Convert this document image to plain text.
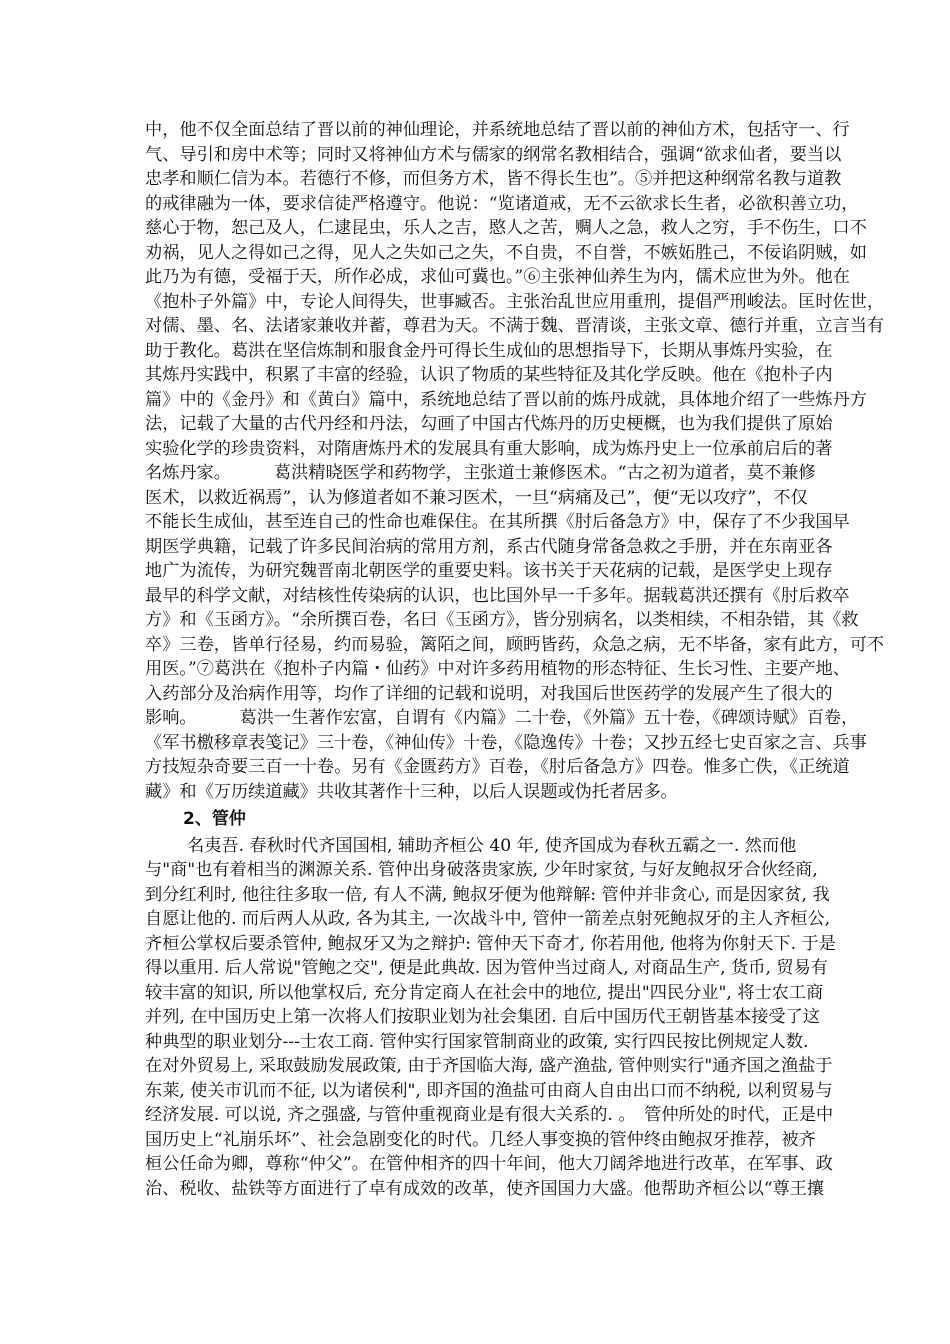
中，他不仅全面总结了晋以前的神仙理论，并系统地总结了晋以前的神仙方术，包括守一、行
气、导引和房中术等；同时又将神仙方术与儒家的纲常名教相结合，强调“欲求仙者，要当以
忠孝和顺仁信为本。若德行不修，而但务方术，皆不得长生也”。⑤并把这种纲常名教与道教
的戒律融为一体，要求信徒严格遵守。他说：“览诸道戒，无不云欲求长生者，必欲积善立功，
慈心于物，恕己及人，仁逮昆虫，乐人之吉，愍人之苦，赒人之急，救人之穷，手不伤生，口不
劝祸，见人之得如己之得，见人之失如己之失，不自贵，不自誉，不嫉妬胜己，不佞谄阴贼，如
此乃为有德，受福于天，所作必成，求仙可冀也。”⑥主张神仙养生为内，儒术应世为外。他在
《抱朴子外篇》中，专论人间得失，世事臧否。主张治乱世应用重刑，提倡严刑峻法。匡时佐世，
对儒、墨、名、法诸家兼收并蓄，尊君为天。不满于魏、晋清谈，主张文章、德行并重，立言当有
助于教化。葛洪在坚信炼制和服食金丹可得长生成仙的思想指导下，长期从事炼丹实验，在
其炼丹实践中，积累了丰富的经验，认识了物质的某些特征及其化学反映。他在《抱朴子内
篇》中的《金丹》和《黄白》篇中，系统地总结了晋以前的炼丹成就，具体地介绍了一些炼丹方
法，记载了大量的古代丹经和丹法，勾画了中国古代炼丹的历史梗概，也为我们提供了原始
实验化学的珍贵资料，对隋唐炼丹术的发展具有重大影响，成为炼丹史上一位承前启后的著
名炼丹家。　　　葛洪精晓医学和药物学，主张道士兼修医术。“古之初为道者，莫不兼修
医术，以救近祸焉”，认为修道者如不兼习医术，一旦“病痛及己”，便“无以攻疗”，不仅
不能长生成仙，甚至连自己的性命也难保住。在其所撰《肘后备急方》中，保存了不少我国早
期医学典籍，记载了许多民间治病的常用方剂，系古代随身常备急救之手册，并在东南亚各
地广为流传，为研究魏晋南北朝医学的重要史料。该书关于天花病的记载，是医学史上现存
最早的科学文献，对结核性传染病的认识，也比国外早一千多年。据载葛洪还撰有《肘后救卒
方》和《玉函方》。“余所撰百卷，名曰《玉函方》，皆分别病名，以类相续，不相杂错，其《救
卒》三卷，皆单行径易，约而易验，篱陌之间，顾眄皆药，众急之病，无不毕备，家有此方，可不
用医。”⑦葛洪在《抱朴子内篇・仙药》中对许多药用植物的形态特征、生长习性、主要产地、
入药部分及治病作用等，均作了详细的记载和说明，对我国后世医药学的发展产生了很大的
影响。　　　葛洪一生著作宏富，自谓有《内篇》二十卷，《外篇》五十卷，《碑颂诗赋》百卷，
《军书檄移章表笺记》三十卷，《神仙传》十卷，《隐逸传》十卷；又抄五经七史百家之言、兵事
方技短杂奇要三百一十卷。另有《金匮药方》百卷，《肘后备急方》四卷。惟多亡佚，《正统道
藏》和《万历续道藏》共收其著作十三种，以后人误题或伪托者居多。
2、管仲
名夷吾. 春秋时代齐国国相, 辅助齐桓公 40 年, 使齐国成为春秋五霸之一. 然而他
与"商"也有着相当的渊源关系. 管仲出身破落贵家族, 少年时家贫, 与好友鲍叔牙合伙经商,
到分红利时, 他往往多取一倍, 有人不满, 鲍叔牙便为他辩解: 管仲并非贪心, 而是因家贫, 我
自愿让他的. 而后两人从政, 各为其主, 一次战斗中, 管仲一箭差点射死鲍叔牙的主人齐桓公,
齐桓公掌权后要杀管仲, 鲍叔牙又为之辩护: 管仲天下奇才, 你若用他, 他将为你射天下. 于是
得以重用. 后人常说"管鲍之交", 便是此典故. 因为管仲当过商人, 对商品生产, 货币, 贸易有
较丰富的知识, 所以他掌权后, 充分肯定商人在社会中的地位, 提出"四民分业", 将士农工商
并列, 在中国历史上第一次将人们按职业划为社会集团. 自后中国历代王朝皆基本接受了这
种典型的职业划分---士农工商. 管仲实行国家管制商业的政策, 实行四民按比例规定人数.
在对外贸易上, 采取鼓励发展政策, 由于齐国临大海, 盛产渔盐, 管仲则实行"通齐国之渔盐于
东莱, 使关市讥而不征, 以为诸侯利", 即齐国的渔盐可由商人自由出口而不纳税, 以利贸易与
经济发展. 可以说, 齐之强盛, 与管仲重视商业是有很大关系的. 。　管仲所处的时代，正是中
国历史上“礼崩乐坏”、社会急剧变化的时代。几经人事变换的管仲终由鲍叔牙推荐，被齐
桓公任命为卿，尊称“仲父”。在管仲相齐的四十年间，他大刀阔斧地进行改革，在军事、政
治、税收、盐铁等方面进行了卓有成效的改革，使齐国国力大盛。他帮助齐桓公以“尊王攘
